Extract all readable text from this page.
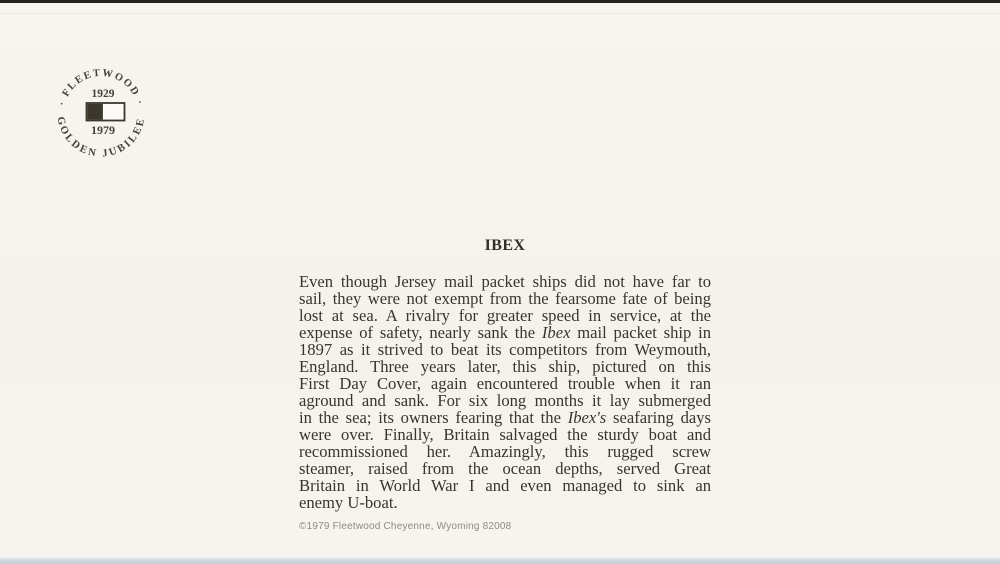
· FLEETWOOD ·
GOLDEN JUBILEE
1929
1979
IBEX
Even though Jersey mail packet ships did not have far to
sail, they were not exempt from the fearsome fate of being
lost at sea. A rivalry for greater speed in service, at the
expense of safety, nearly sank the Ibex mail packet ship in
1897 as it strived to beat its competitors from Weymouth,
England. Three years later, this ship, pictured on this
First Day Cover, again encountered trouble when it ran
aground and sank. For six long months it lay submerged
in the sea; its owners fearing that the Ibex's seafaring days
were over. Finally, Britain salvaged the sturdy boat and
recommissioned her. Amazingly, this rugged screw
steamer, raised from the ocean depths, served Great
Britain in World War I and even managed to sink an
enemy U-boat.
©1979 Fleetwood Cheyenne, Wyoming 82008
